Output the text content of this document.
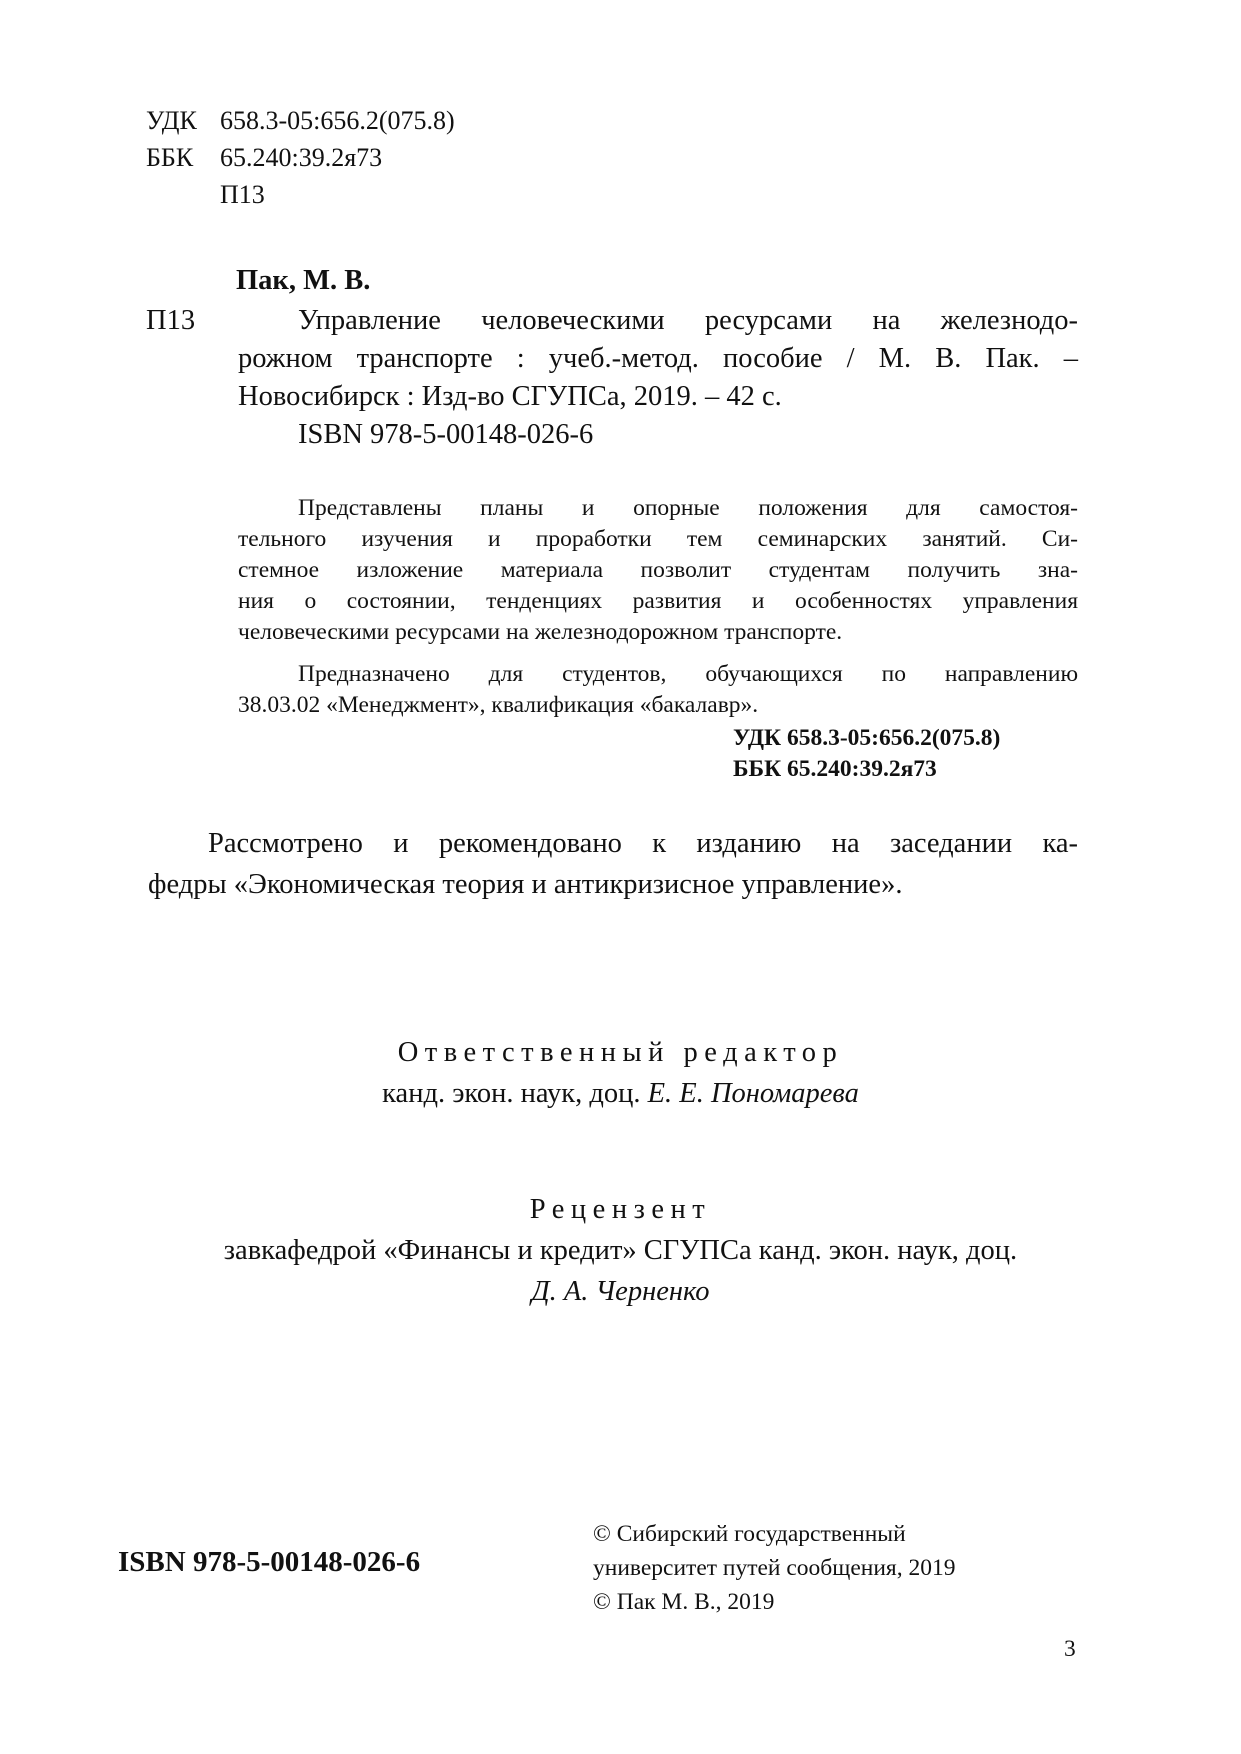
УДК 658.3-05:656.2(075.8)
ББК 65.240:39.2я73
П13
Пак, М. В.
П13	Управление человеческими ресурсами на железнодо-
рожном транспорте : учеб.-метод. пособие / М. В. Пак. –
Новосибирск : Изд-во СГУПСа, 2019. – 42 с.
ISBN 978-5-00148-026-6
Представлены планы и опорные положения для самостоя-
тельного изучения и проработки тем семинарских занятий. Си-
стемное изложение материала позволит студентам получить зна-
ния о состоянии, тенденциях развития и особенностях управления
человеческими ресурсами на железнодорожном транспорте.
Предназначено для студентов, обучающихся по направлению
38.03.02 «Менеджмент», квалификация «бакалавр».
УДК 658.3-05:656.2(075.8)
ББК 65.240:39.2я73
Рассмотрено и рекомендовано к изданию на заседании ка-
федры «Экономическая теория и антикризисное управление».
Ответственный редактор
канд. экон. наук, доц. Е. Е. Пономарева
Рецензент
завкафедрой «Финансы и кредит» СГУПСа канд. экон. наук, доц.
Д. А. Черненко
ISBN 978-5-00148-026-6
© Сибирский государственный
университет путей сообщения, 2019
© Пак М. В., 2019
3
